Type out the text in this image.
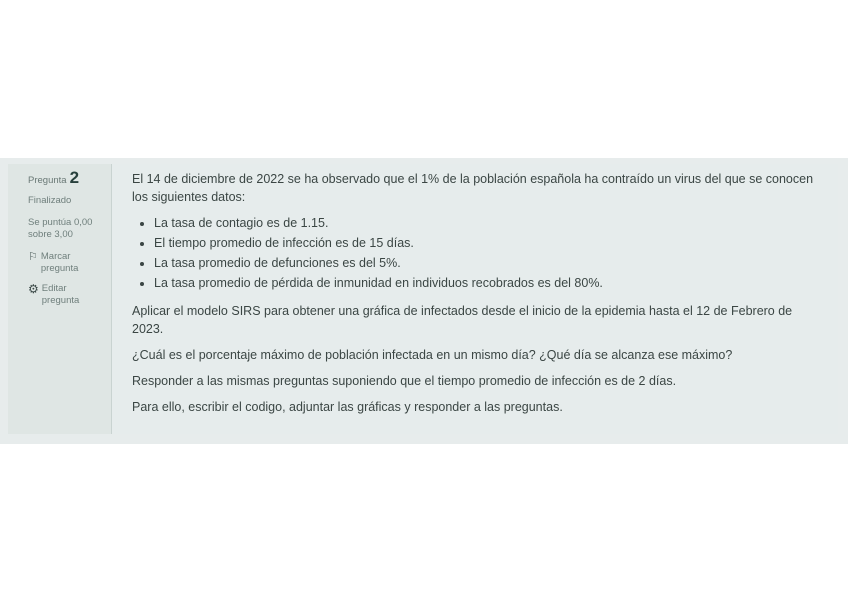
Pregunta 2
Finalizado
Se puntúa 0,00 sobre 3,00
⚐ Marcar pregunta
⚙ Editar pregunta

El 14 de diciembre de 2022 se ha observado que el 1% de la población española ha contraído un virus del que se conocen los siguientes datos:

• La tasa de contagio es de 1.15.
• El tiempo promedio de infección es de 15 días.
• La tasa promedio de defunciones es del 5%.
• La tasa promedio de pérdida de inmunidad en individuos recobrados es del 80%.

Aplicar el modelo SIRS para obtener una gráfica de infectados desde el inicio de la epidemia hasta el 12 de Febrero de 2023.

¿Cuál es el porcentaje máximo de población infectada en un mismo día? ¿Qué día se alcanza ese máximo?

Responder a las mismas preguntas suponiendo que el tiempo promedio de infección es de 2 días.

Para ello, escribir el codigo, adjuntar las gráficas y responder a las preguntas.
